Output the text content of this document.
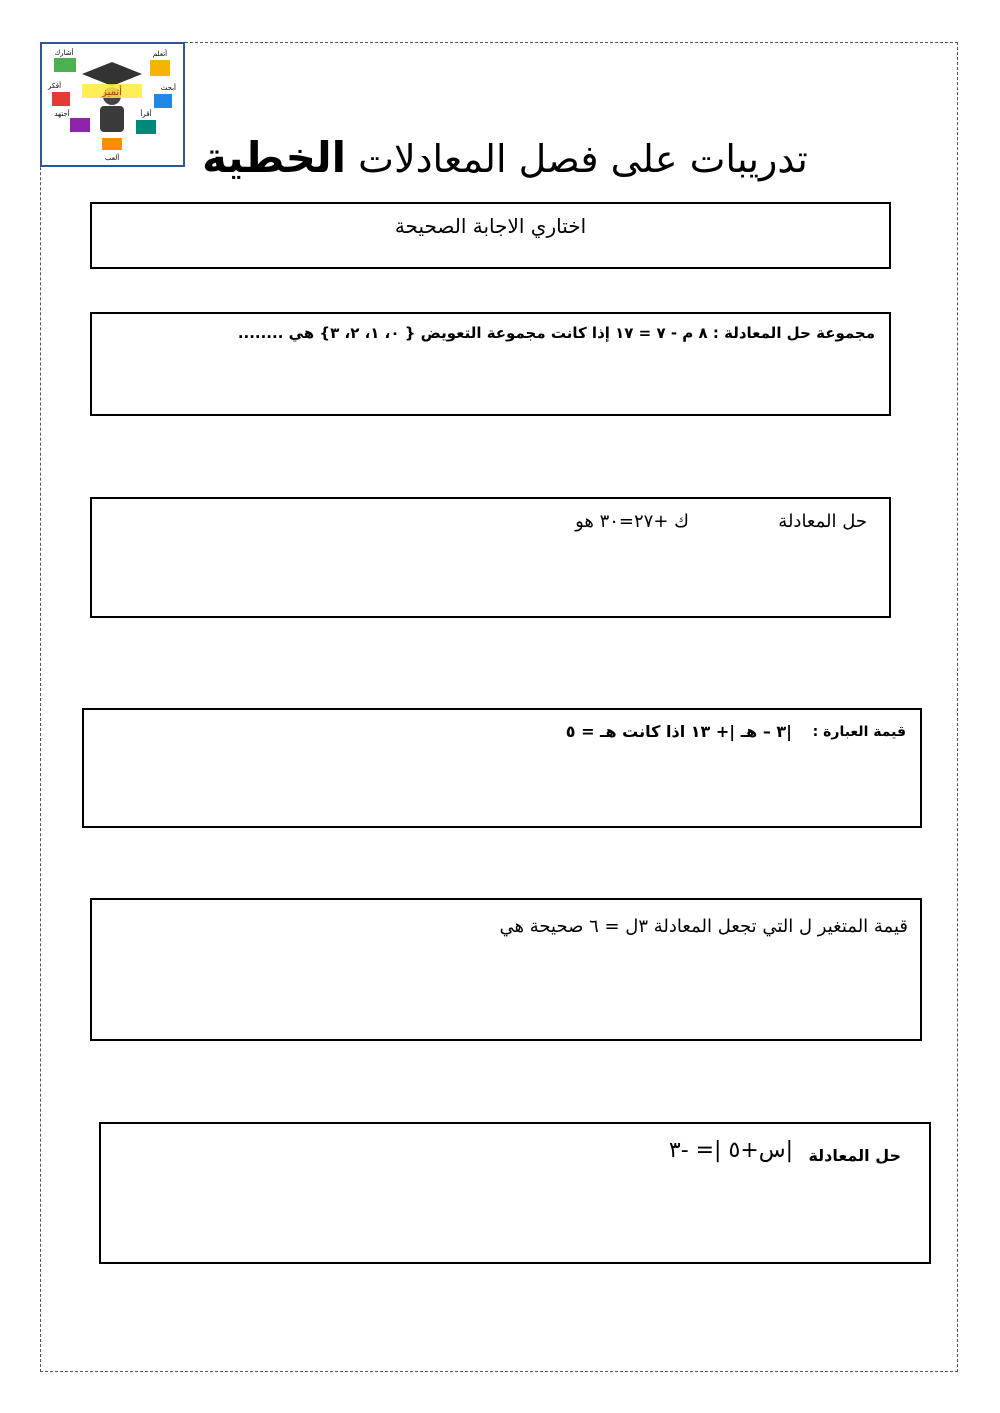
أتميز
أتعلم
أشارك
أفكر	أبحث
أجتهد	أقرأ
ألعب	تدريبات على فصل المعادلات الخطية
اختاري الاجابة الصحيحة
مجموعة حل المعادلة : ٨ م - ٧ = ١٧ إذا كانت مجموعة التعويض { ٠، ١، ٢، ٣} هي ........
حل المعادلة
ك +٢٧=٣٠ هو
قيمة العبارة :
|٣ – هـ |+ ١٣ اذا كانت هـ = ٥
قيمة المتغير ل التي تجعل المعادلة ٣ل = ٦ صحيحة هي
حل المعادلة
|س+٥ |= -٣
